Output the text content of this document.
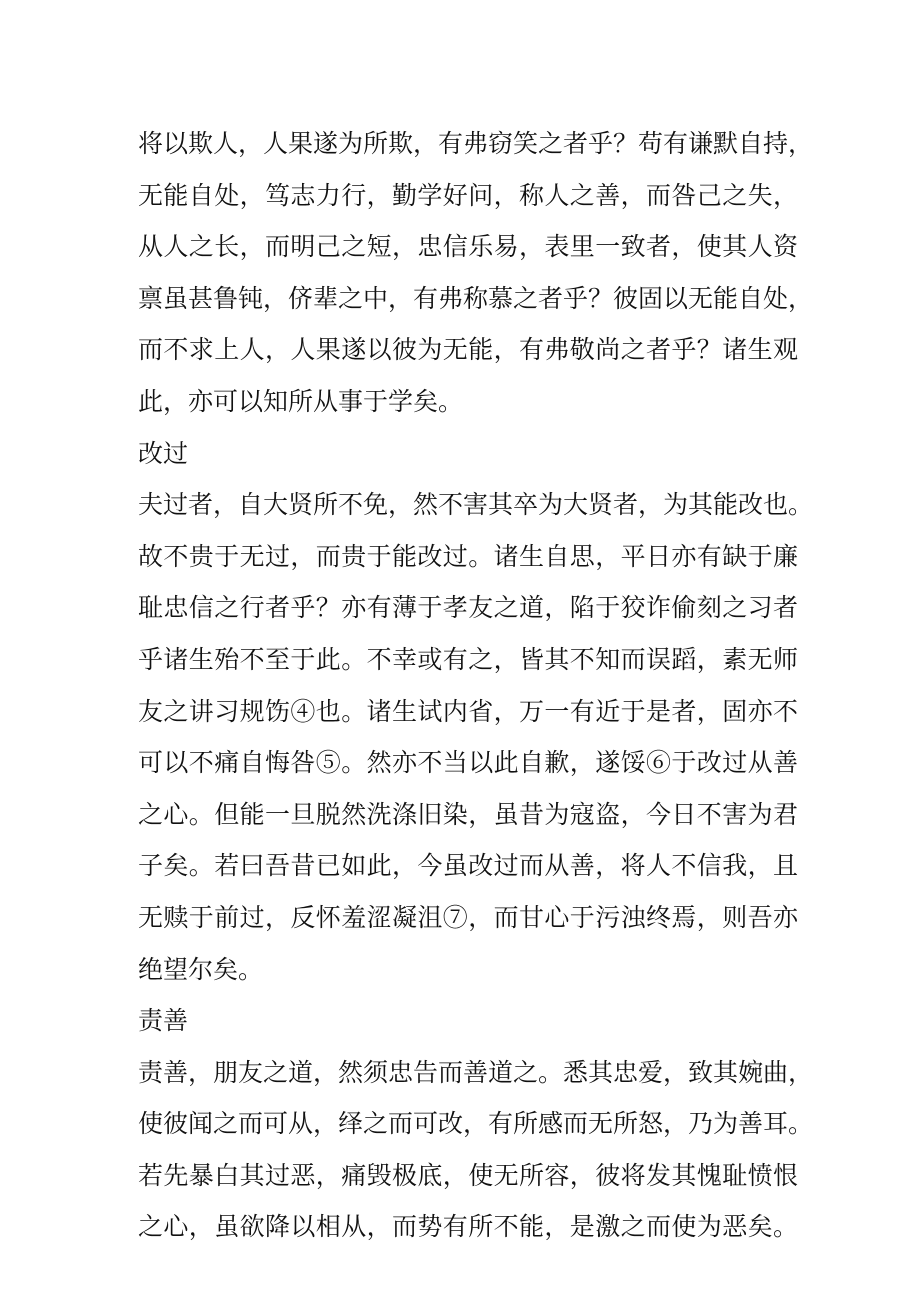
将以欺人，人果遂为所欺，有弗窃笑之者乎？苟有谦默自持，
无能自处，笃志力行，勤学好问，称人之善，而咎己之失，
从人之长，而明己之短，忠信乐易，表里一致者，使其人资
禀虽甚鲁钝，侪辈之中，有弗称慕之者乎？彼固以无能自处，
而不求上人，人果遂以彼为无能，有弗敬尚之者乎？诸生观
此，亦可以知所从事于学矣。
改过
夫过者，自大贤所不免，然不害其卒为大贤者，为其能改也。
故不贵于无过，而贵于能改过。诸生自思，平日亦有缺于廉
耻忠信之行者乎？亦有薄于孝友之道，陷于狡诈偷刻之习者
乎诸生殆不至于此。不幸或有之，皆其不知而误蹈，素无师
友之讲习规饬④也。诸生试内省，万一有近于是者，固亦不
可以不痛自悔咎⑤。然亦不当以此自歉，遂馁⑥于改过从善
之心。但能一旦脱然洗涤旧染，虽昔为寇盗，今日不害为君
子矣。若曰吾昔已如此，今虽改过而从善，将人不信我，且
无赎于前过，反怀羞涩凝沮⑦，而甘心于污浊终焉，则吾亦
绝望尔矣。
责善
责善，朋友之道，然须忠告而善道之。悉其忠爱，致其婉曲，
使彼闻之而可从，绎之而可改，有所感而无所怒，乃为善耳。
若先暴白其过恶，痛毁极底，使无所容，彼将发其愧耻愤恨
之心，虽欲降以相从，而势有所不能，是激之而使为恶矣。
